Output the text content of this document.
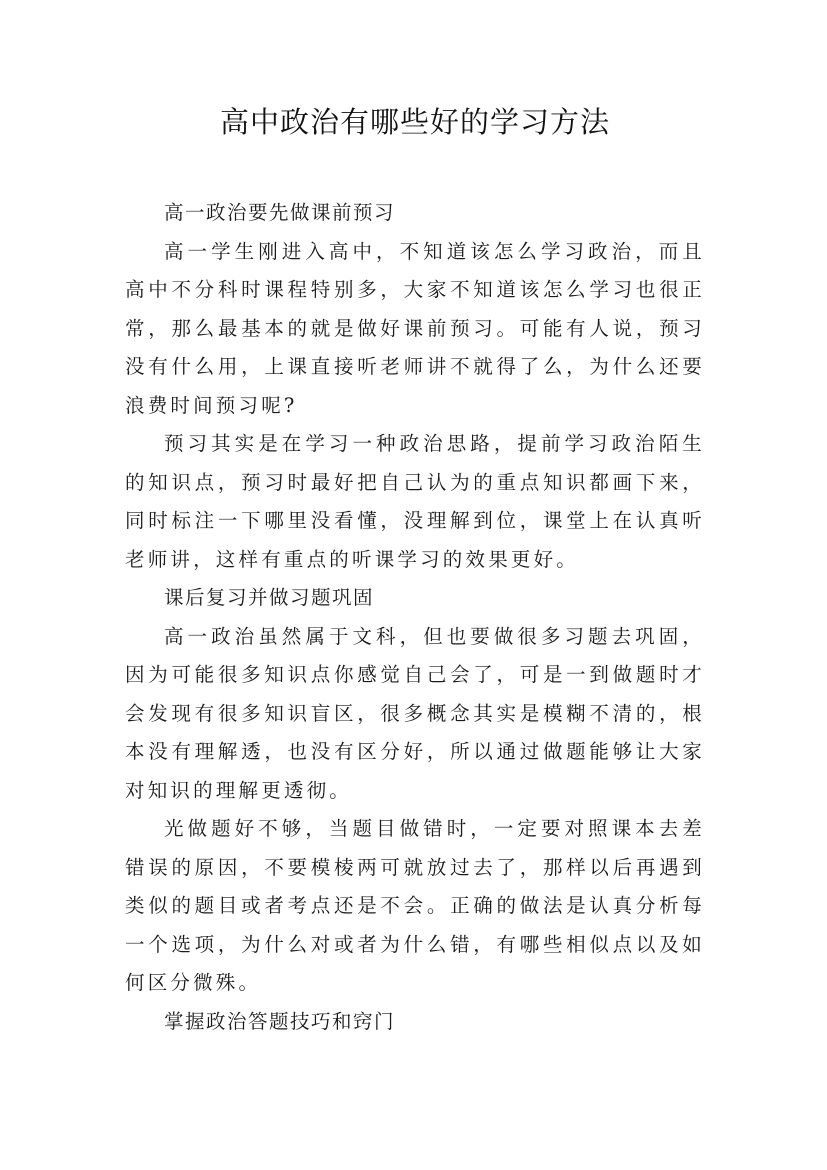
高中政治有哪些好的学习方法

高一政治要先做课前预习

高一学生刚进入高中，不知道该怎么学习政治，而且高中不分科时课程特别多，大家不知道该怎么学习也很正常，那么最基本的就是做好课前预习。可能有人说，预习没有什么用，上课直接听老师讲不就得了么，为什么还要浪费时间预习呢?

预习其实是在学习一种政治思路，提前学习政治陌生的知识点，预习时最好把自己认为的重点知识都画下来，同时标注一下哪里没看懂，没理解到位，课堂上在认真听老师讲，这样有重点的听课学习的效果更好。

课后复习并做习题巩固

高一政治虽然属于文科，但也要做很多习题去巩固，因为可能很多知识点你感觉自己会了，可是一到做题时才会发现有很多知识盲区，很多概念其实是模糊不清的，根本没有理解透，也没有区分好，所以通过做题能够让大家对知识的理解更透彻。

光做题好不够，当题目做错时，一定要对照课本去差错误的原因，不要模棱两可就放过去了，那样以后再遇到类似的题目或者考点还是不会。正确的做法是认真分析每一个选项，为什么对或者为什么错，有哪些相似点以及如何区分微殊。

掌握政治答题技巧和窍门
